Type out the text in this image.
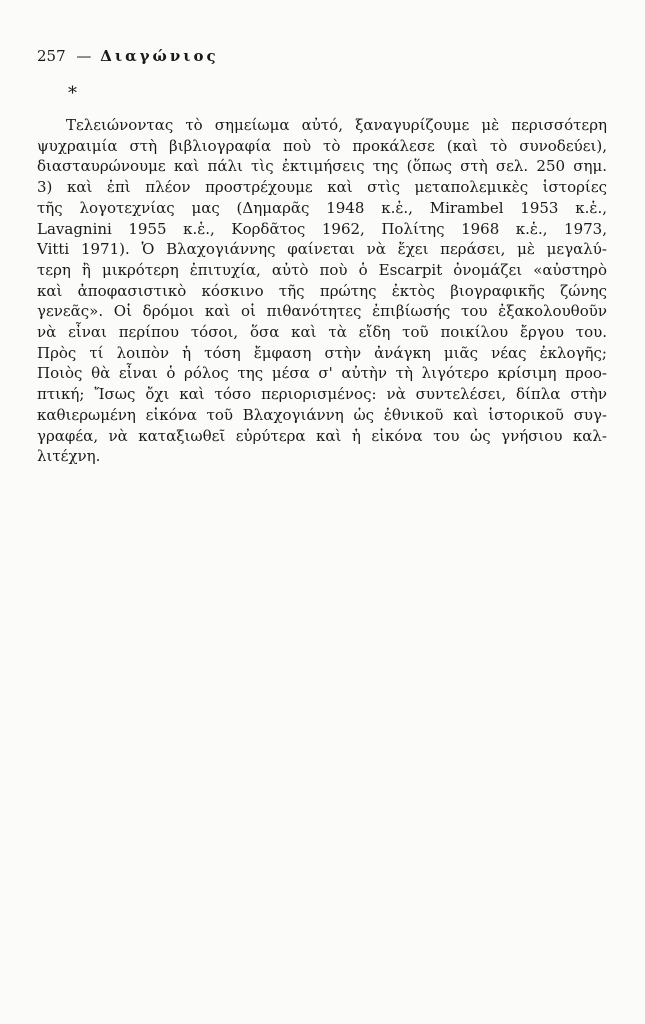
257 — Διαγώνιος
*
Τελειώνοντας τὸ σημείωμα αὐτό, ξαναγυρίζουμε μὲ περισσότερη
ψυχραιμία στὴ βιβλιογραφία ποὺ τὸ προκάλεσε (καὶ τὸ συνοδεύει),
διασταυρώνουμε καὶ πάλι τὶς ἐκτιμήσεις της (ὅπως στὴ σελ. 250 σημ.
3) καὶ ἐπὶ πλέον προστρέχουμε καὶ στὶς μεταπολεμικὲς ἱστορίες
τῆς λογοτεχνίας μας (Δημαρᾶς 1948 κ.ἑ., Mirambel 1953 κ.ἑ.,
Lavagnini 1955 κ.ἑ., Κορδᾶτος 1962, Πολίτης 1968 κ.ἑ., 1973,
Vitti 1971). Ὁ Βλαχογιάννης φαίνεται νὰ ἔχει περάσει, μὲ μεγαλύ-
τερη ἢ μικρότερη ἐπιτυχία, αὐτὸ ποὺ ὁ Escarpit ὀνομάζει «αὐστηρὸ
καὶ ἀποφασιστικὸ κόσκινο τῆς πρώτης ἐκτὸς βιογραφικῆς ζώνης
γενεᾶς». Οἱ δρόμοι καὶ οἱ πιθανότητες ἐπιβίωσής του ἐξακολουθοῦν
νὰ εἶναι περίπου τόσοι, ὅσα καὶ τὰ εἴδη τοῦ ποικίλου ἔργου του.
Πρὸς τί λοιπὸν ἡ τόση ἔμφαση στὴν ἀνάγκη μιᾶς νέας ἐκλογῆς;
Ποιὸς θὰ εἶναι ὁ ρόλος της μέσα σ' αὐτὴν τὴ λιγότερο κρίσιμη προο-
πτική; Ἴσως ὄχι καὶ τόσο περιορισμένος: νὰ συντελέσει, δίπλα στὴν
καθιερωμένη εἰκόνα τοῦ Βλαχογιάννη ὡς ἐθνικοῦ καὶ ἱστορικοῦ συγ-
γραφέα, νὰ καταξιωθεῖ εὐρύτερα καὶ ἡ εἰκόνα του ὡς γνήσιου καλ-
λιτέχνη.
